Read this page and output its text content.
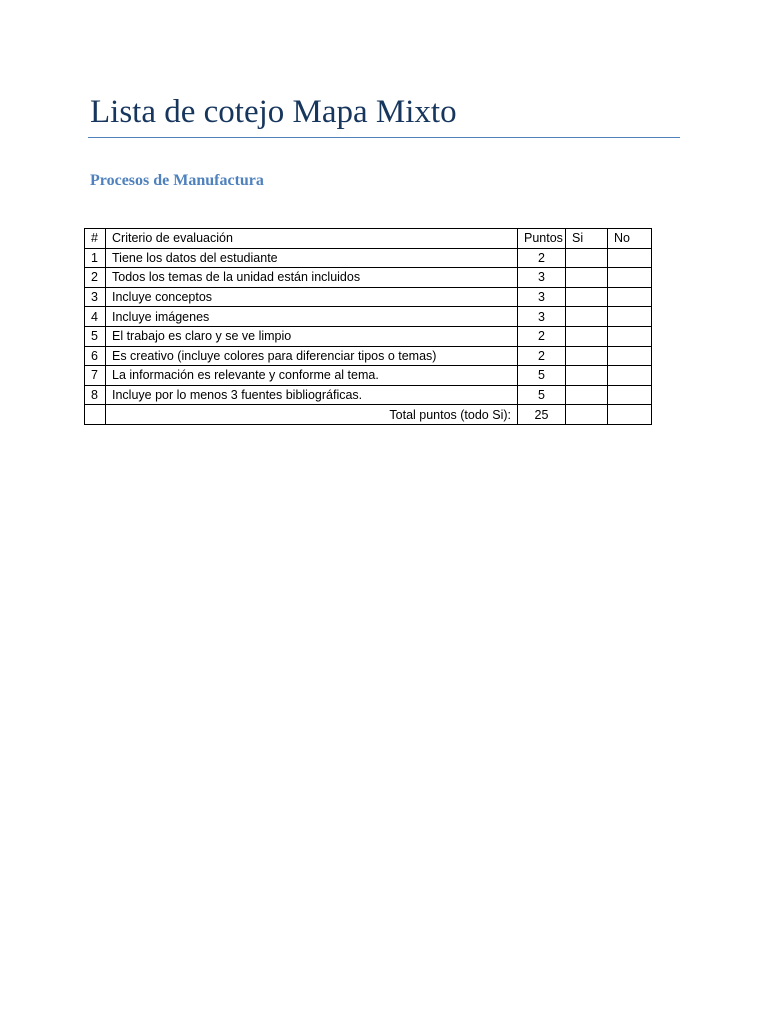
Lista de cotejo Mapa Mixto
Procesos de Manufactura
#	Criterio de evaluación	Puntos	Si	No
1	Tiene los datos del estudiante	2		
2	Todos los temas de la unidad están incluidos	3		
3	Incluye conceptos	3		
4	Incluye imágenes	3		
5	El trabajo es claro y se ve limpio	2		
6	Es creativo (incluye colores para diferenciar tipos o temas)	2		
7	La información es relevante y conforme al tema.	5		
8	Incluye por lo menos 3 fuentes bibliográficas.	5		
	Total puntos (todo Si):	25		
